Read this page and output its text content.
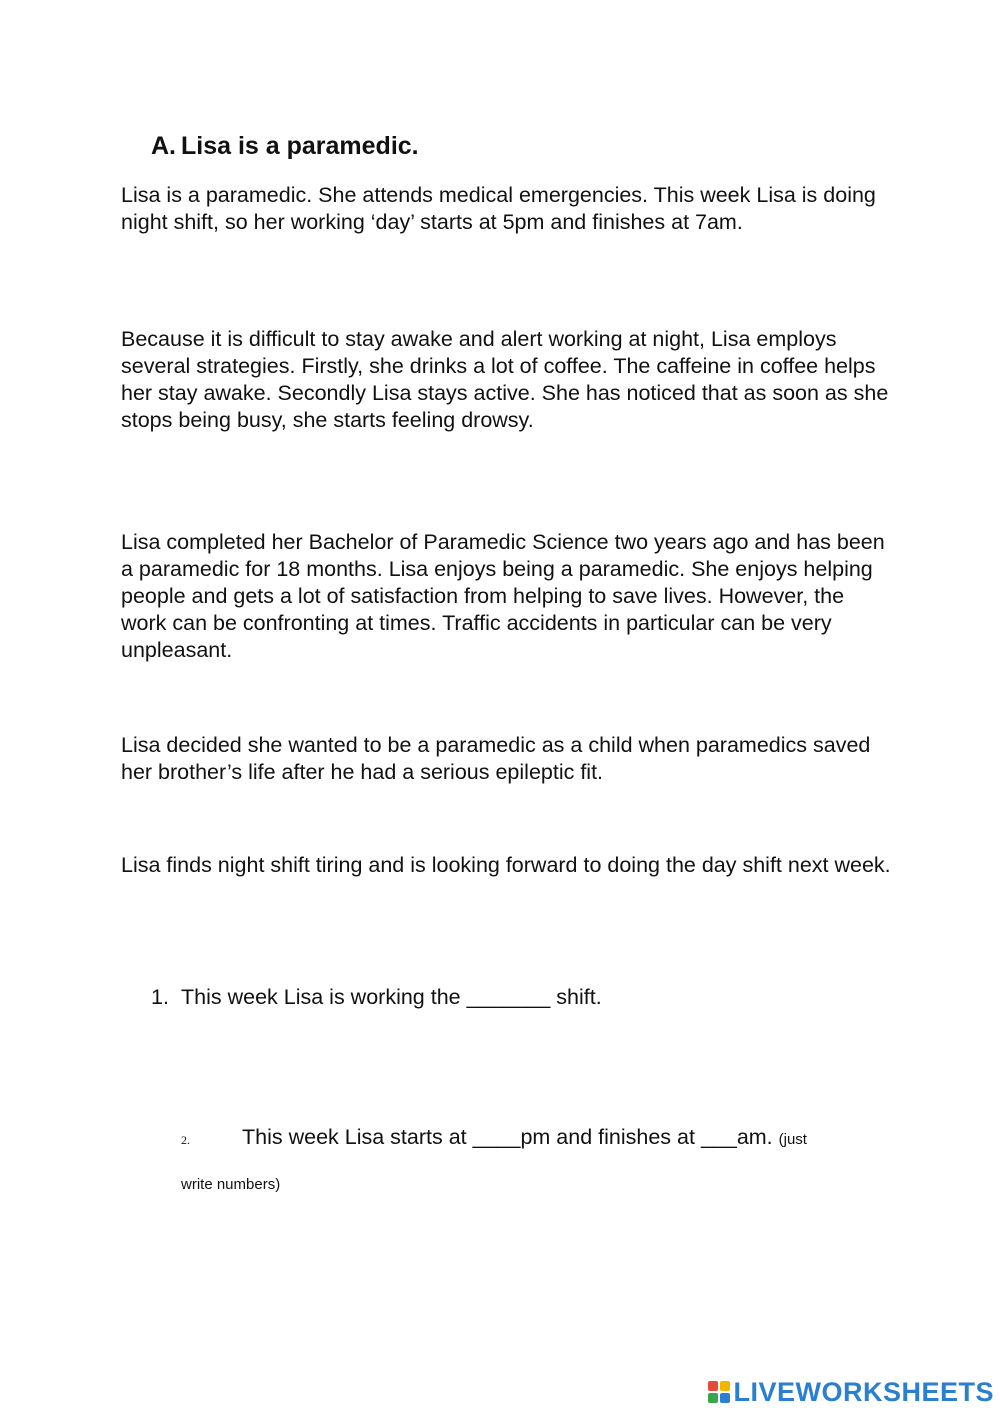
A. Lisa is a paramedic.

Lisa is a paramedic. She attends medical emergencies. This week Lisa is doing night shift, so her working ‘day’ starts at 5pm and finishes at 7am.

Because it is difficult to stay awake and alert working at night, Lisa employs several strategies. Firstly, she drinks a lot of coffee. The caffeine in coffee helps her stay awake. Secondly Lisa stays active. She has noticed that as soon as she stops being busy, she starts feeling drowsy.

Lisa completed her Bachelor of Paramedic Science two years ago and has been a paramedic for 18 months. Lisa enjoys being a paramedic. She enjoys helping people and gets a lot of satisfaction from helping to save lives. However, the work can be confronting at times. Traffic accidents in particular can be very unpleasant.

Lisa decided she wanted to be a paramedic as a child when paramedics saved her brother’s life after he had a serious epileptic fit.

Lisa finds night shift tiring and is looking forward to doing the day shift next week.

1. This week Lisa is working the _______ shift.
2. This week Lisa starts at ____pm and finishes at ___am. (just
write numbers)
LIVEWORKSHEETS
